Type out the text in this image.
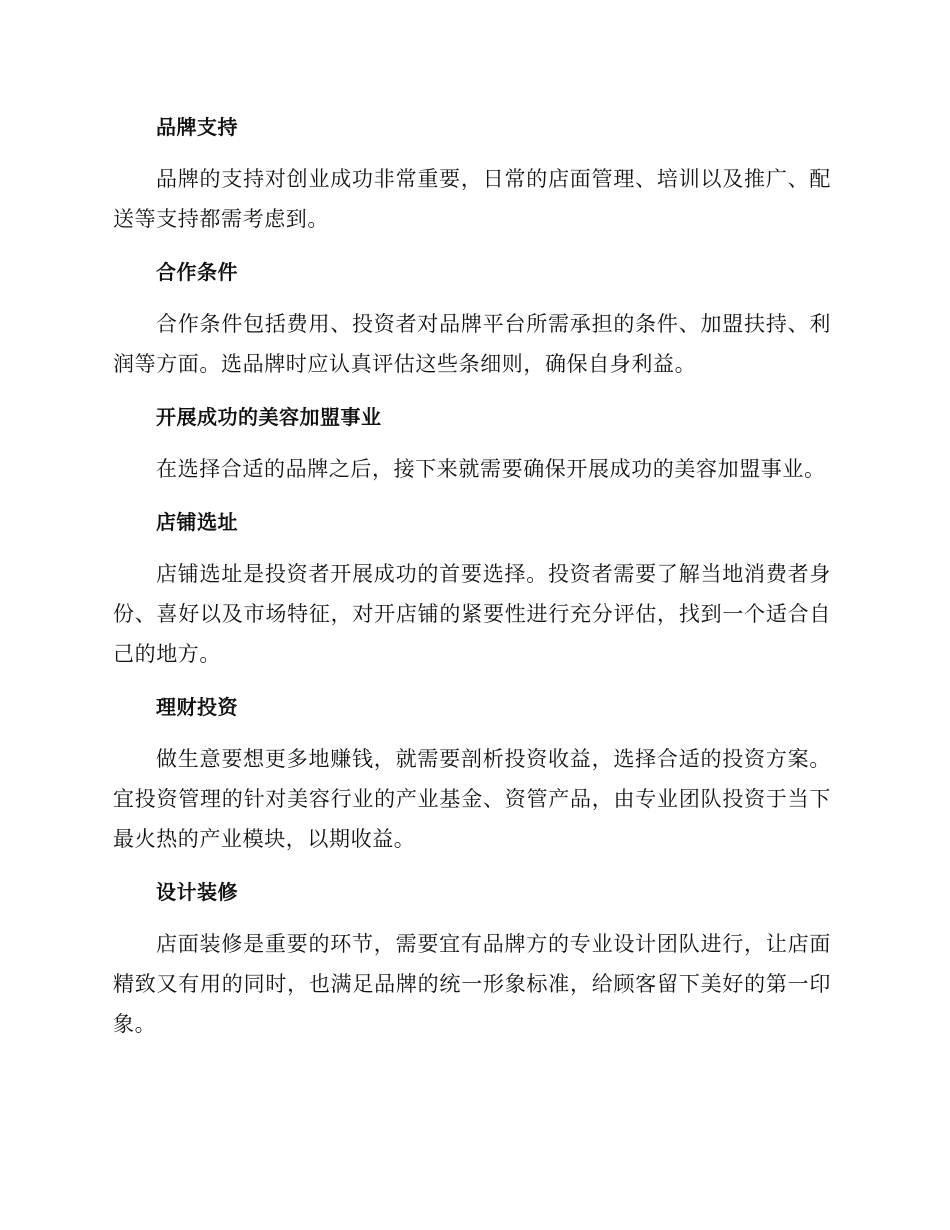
品牌支持

品牌的支持对创业成功非常重要，日常的店面管理、培训以及推广、配送等支持都需考虑到。

合作条件

合作条件包括费用、投资者对品牌平台所需承担的条件、加盟扶持、利润等方面。选品牌时应认真评估这些条细则，确保自身利益。

开展成功的美容加盟事业

在选择合适的品牌之后，接下来就需要确保开展成功的美容加盟事业。

店铺选址

店铺选址是投资者开展成功的首要选择。投资者需要了解当地消费者身份、喜好以及市场特征，对开店铺的紧要性进行充分评估，找到一个适合自己的地方。

理财投资

做生意要想更多地赚钱，就需要剖析投资收益，选择合适的投资方案。宜投资管理的针对美容行业的产业基金、资管产品，由专业团队投资于当下最火热的产业模块，以期收益。

设计装修

店面装修是重要的环节，需要宜有品牌方的专业设计团队进行，让店面精致又有用的同时，也满足品牌的统一形象标准，给顾客留下美好的第一印象。
